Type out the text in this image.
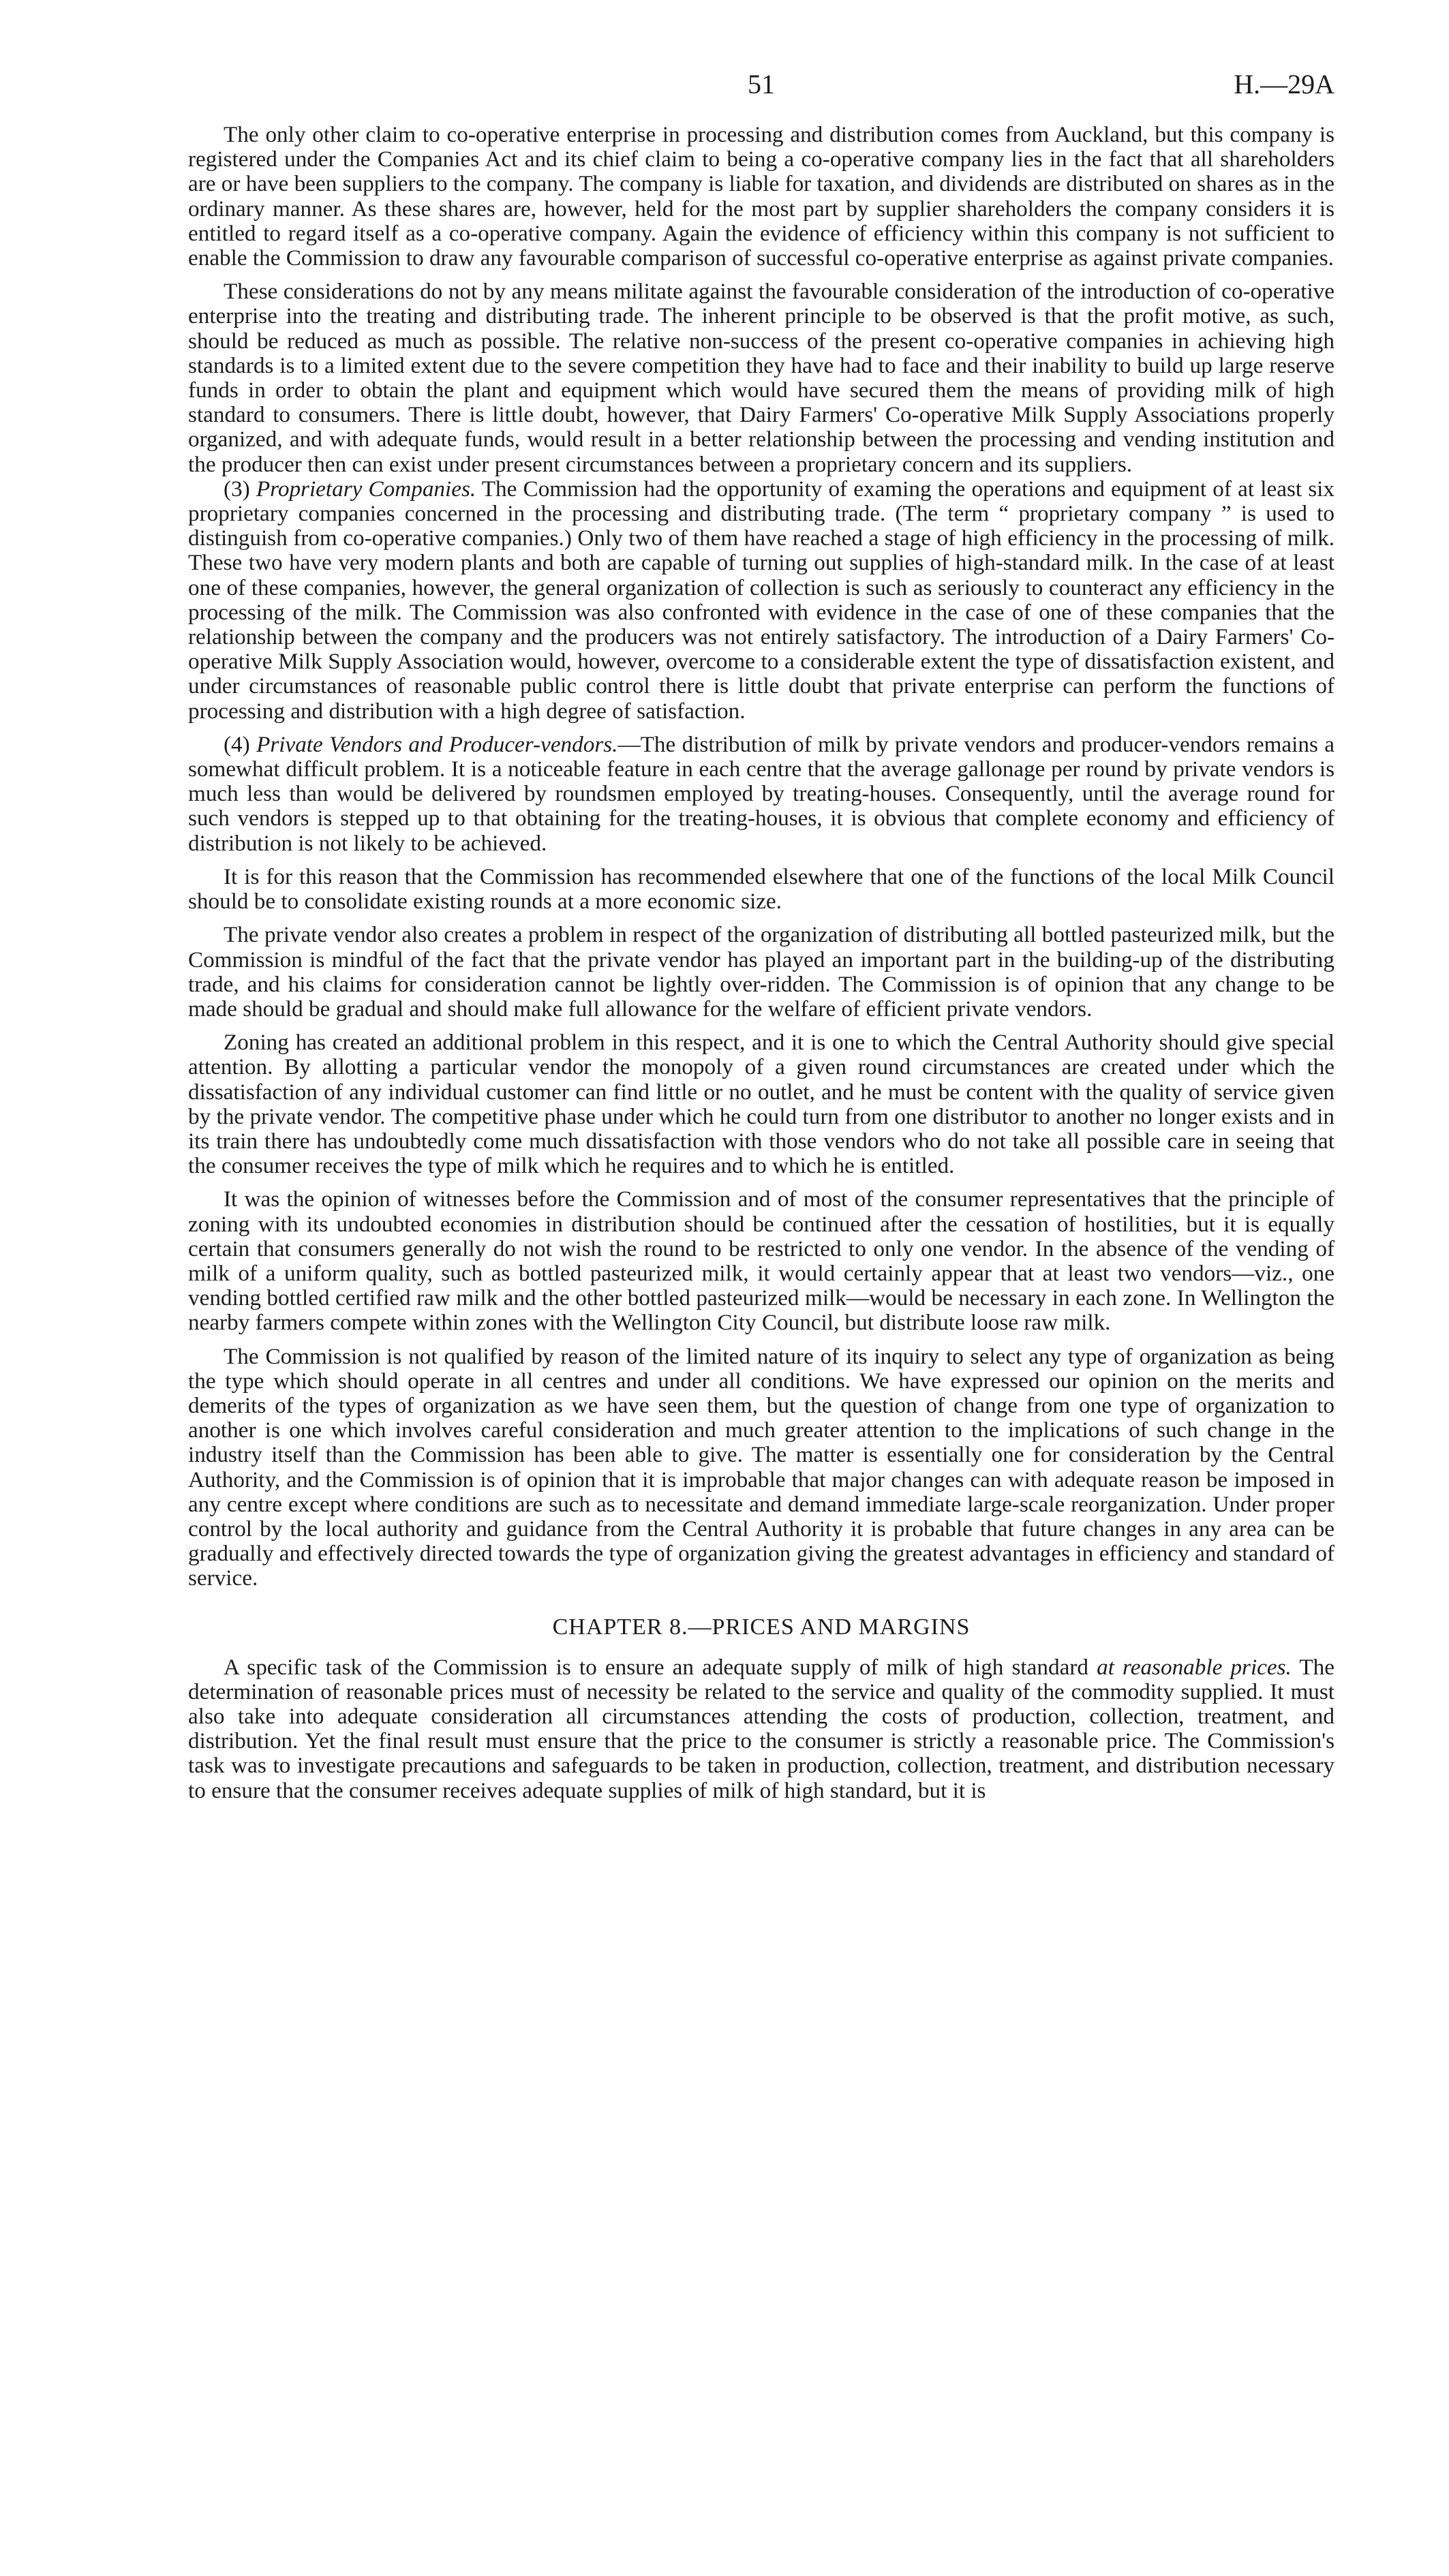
51	H.—29A

The only other claim to co-operative enterprise in processing and distribution comes from Auckland, but this company is registered under the Companies Act and its chief claim to being a co-operative company lies in the fact that all shareholders are or have been suppliers to the company. The company is liable for taxation, and dividends are distributed on shares as in the ordinary manner. As these shares are, however, held for the most part by supplier shareholders the company considers it is entitled to regard itself as a co-operative company. Again the evidence of efficiency within this company is not sufficient to enable the Commission to draw any favourable comparison of successful co-operative enterprise as against private companies.

These considerations do not by any means militate against the favourable consideration of the introduction of co-operative enterprise into the treating and distributing trade. The inherent principle to be observed is that the profit motive, as such, should be reduced as much as possible. The relative non-success of the present co-operative companies in achieving high standards is to a limited extent due to the severe competition they have had to face and their inability to build up large reserve funds in order to obtain the plant and equipment which would have secured them the means of providing milk of high standard to consumers. There is little doubt, however, that Dairy Farmers' Co-operative Milk Supply Associations properly organized, and with adequate funds, would result in a better relationship between the processing and vending institution and the producer then can exist under present circumstances between a proprietary concern and its suppliers.

(3) Proprietary Companies. The Commission had the opportunity of examing the operations and equipment of at least six proprietary companies concerned in the processing and distributing trade. (The term “ proprietary company ” is used to distinguish from co-operative companies.) Only two of them have reached a stage of high efficiency in the processing of milk. These two have very modern plants and both are capable of turning out supplies of high-standard milk. In the case of at least one of these companies, however, the general organization of collection is such as seriously to counteract any efficiency in the processing of the milk. The Commission was also confronted with evidence in the case of one of these companies that the relationship between the company and the producers was not entirely satisfactory. The introduction of a Dairy Farmers' Co-operative Milk Supply Association would, however, overcome to a considerable extent the type of dissatisfaction existent, and under circumstances of reasonable public control there is little doubt that private enterprise can perform the functions of processing and distribution with a high degree of satisfaction.

(4) Private Vendors and Producer-vendors.—The distribution of milk by private vendors and producer-vendors remains a somewhat difficult problem. It is a noticeable feature in each centre that the average gallonage per round by private vendors is much less than would be delivered by roundsmen employed by treating-houses. Consequently, until the average round for such vendors is stepped up to that obtaining for the treating-houses, it is obvious that complete economy and efficiency of distribution is not likely to be achieved.

It is for this reason that the Commission has recommended elsewhere that one of the functions of the local Milk Council should be to consolidate existing rounds at a more economic size.

The private vendor also creates a problem in respect of the organization of distributing all bottled pasteurized milk, but the Commission is mindful of the fact that the private vendor has played an important part in the building-up of the distributing trade, and his claims for consideration cannot be lightly over-ridden. The Commission is of opinion that any change to be made should be gradual and should make full allowance for the welfare of efficient private vendors.

Zoning has created an additional problem in this respect, and it is one to which the Central Authority should give special attention. By allotting a particular vendor the monopoly of a given round circumstances are created under which the dissatisfaction of any individual customer can find little or no outlet, and he must be content with the quality of service given by the private vendor. The competitive phase under which he could turn from one distributor to another no longer exists and in its train there has undoubtedly come much dissatisfaction with those vendors who do not take all possible care in seeing that the consumer receives the type of milk which he requires and to which he is entitled.

It was the opinion of witnesses before the Commission and of most of the consumer representatives that the principle of zoning with its undoubted economies in distribution should be continued after the cessation of hostilities, but it is equally certain that consumers generally do not wish the round to be restricted to only one vendor. In the absence of the vending of milk of a uniform quality, such as bottled pasteurized milk, it would certainly appear that at least two vendors—viz., one vending bottled certified raw milk and the other bottled pasteurized milk—would be necessary in each zone. In Wellington the nearby farmers compete within zones with the Wellington City Council, but distribute loose raw milk.

The Commission is not qualified by reason of the limited nature of its inquiry to select any type of organization as being the type which should operate in all centres and under all conditions. We have expressed our opinion on the merits and demerits of the types of organization as we have seen them, but the question of change from one type of organization to another is one which involves careful consideration and much greater attention to the implications of such change in the industry itself than the Commission has been able to give. The matter is essentially one for consideration by the Central Authority, and the Commission is of opinion that it is improbable that major changes can with adequate reason be imposed in any centre except where conditions are such as to necessitate and demand immediate large-scale reorganization. Under proper control by the local authority and guidance from the Central Authority it is probable that future changes in any area can be gradually and effectively directed towards the type of organization giving the greatest advantages in efficiency and standard of service.

CHAPTER 8.—PRICES AND MARGINS

A specific task of the Commission is to ensure an adequate supply of milk of high standard at reasonable prices. The determination of reasonable prices must of necessity be related to the service and quality of the commodity supplied. It must also take into adequate consideration all circumstances attending the costs of production, collection, treatment, and distribution. Yet the final result must ensure that the price to the consumer is strictly a reasonable price. The Commission's task was to investigate precautions and safeguards to be taken in production, collection, treatment, and distribution necessary to ensure that the consumer receives adequate supplies of milk of high standard, but it is
